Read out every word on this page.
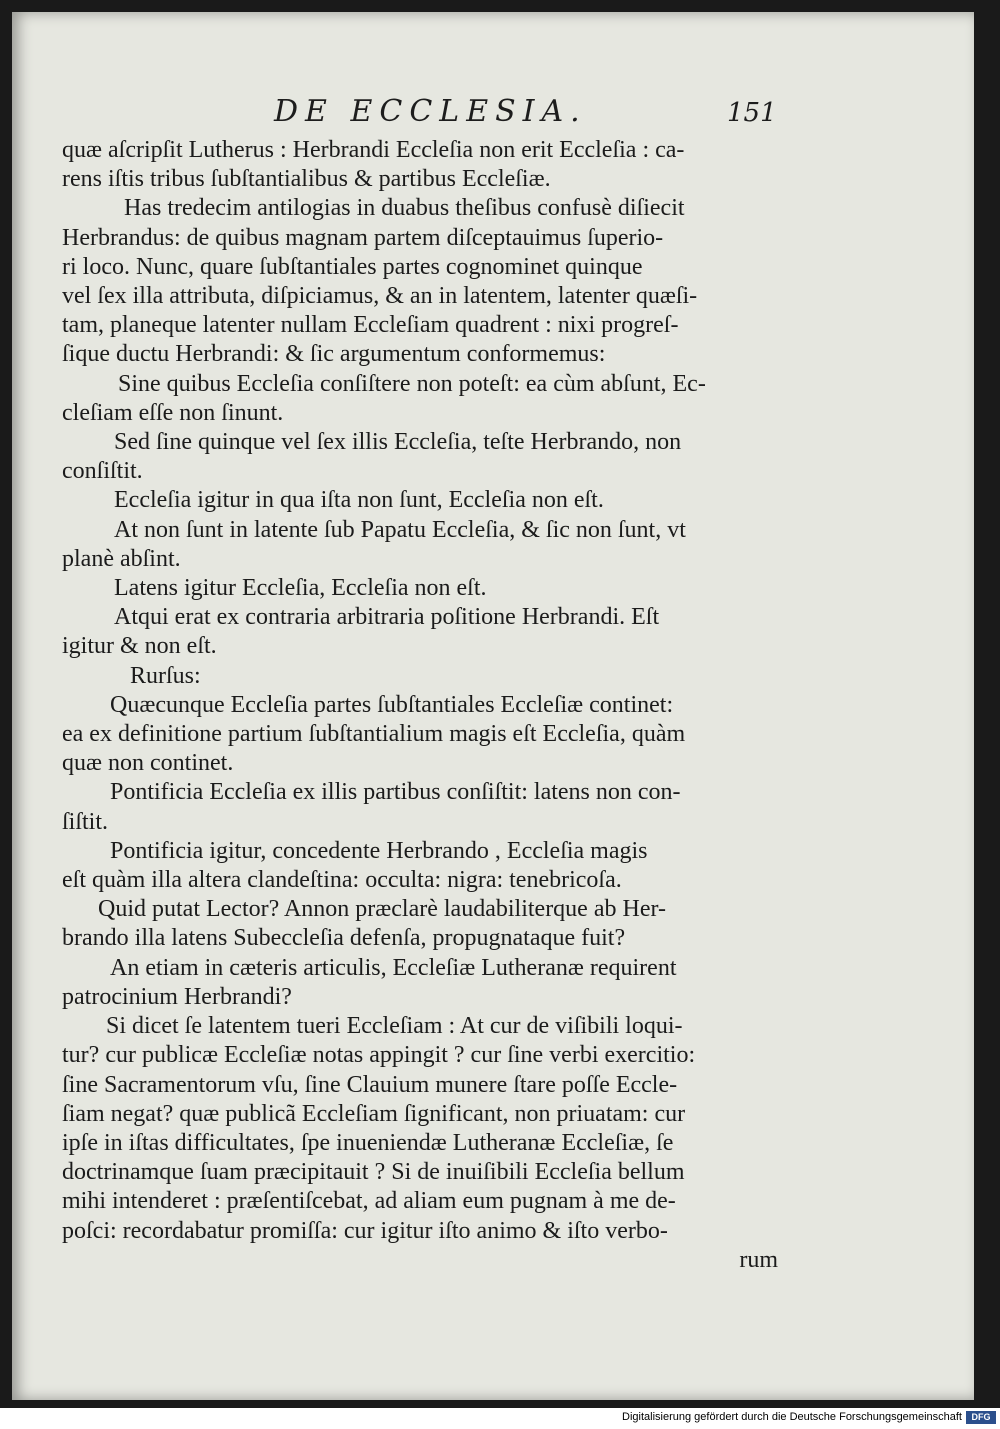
DE ECCLESIA.	151
quæ aſcripſit Lutherus : Herbrandi Eccleſia non erit Eccleſia : ca-
rens iſtis tribus ſubſtantialibus & partibus Eccleſiæ.
Has tredecim antilogias in duabus theſibus confusè diſiecit
Herbrandus: de quibus magnam partem diſceptauimus ſuperio-
ri loco. Nunc, quare ſubſtantiales partes cognominet quinque
vel ſex illa attributa, diſpiciamus, & an in latentem, latenter quæſi-
tam, planeque latenter nullam Eccleſiam quadrent : nixi progreſ-
ſique ductu Herbrandi: & ſic argumentum conformemus:
Sine quibus Eccleſia conſiſtere non poteſt: ea cùm abſunt, Ec-
cleſiam eſſe non ſinunt.
Sed ſine quinque vel ſex illis Eccleſia, teſte Herbrando, non
conſiſtit.
Eccleſia igitur in qua iſta non ſunt, Eccleſia non eſt.
At non ſunt in latente ſub Papatu Eccleſia, & ſic non ſunt, vt
planè abſint.
Latens igitur Eccleſia, Eccleſia non eſt.
Atqui erat ex contraria arbitraria poſitione Herbrandi. Eſt
igitur & non eſt.
Rurſus:
Quæcunque Eccleſia partes ſubſtantiales Eccleſiæ continet:
ea ex definitione partium ſubſtantialium magis eſt Eccleſia, quàm
quæ non continet.
Pontificia Eccleſia ex illis partibus conſiſtit: latens non con-
ſiſtit.
Pontificia igitur, concedente Herbrando , Eccleſia magis
eſt quàm illa altera clandeſtina: occulta: nigra: tenebricoſa.
Quid putat Lector? Annon præclarè laudabiliterque ab Her-
brando illa latens Subeccleſia defenſa, propugnataque fuit?
An etiam in cæteris articulis, Eccleſiæ Lutheranæ requirent
patrocinium Herbrandi?
Si dicet ſe latentem tueri Eccleſiam : At cur de viſibili loqui-
tur? cur publicæ Eccleſiæ notas appingit ? cur ſine verbi exercitio:
ſine Sacramentorum vſu, ſine Clauium munere ſtare poſſe Eccle-
ſiam negat? quæ publicã Eccleſiam ſignificant, non priuatam: cur
ipſe in iſtas difficultates, ſpe inueniendæ Lutheranæ Eccleſiæ, ſe
doctrinamque ſuam præcipitauit ? Si de inuiſibili Eccleſia bellum
mihi intenderet : præſentiſcebat, ad aliam eum pugnam à me de-
poſci: recordabatur promiſſa: cur igitur iſto animo & iſto verbo-
rum
Digitalisierung gefördert durch die Deutsche Forschungsgemeinschaft	DFG
